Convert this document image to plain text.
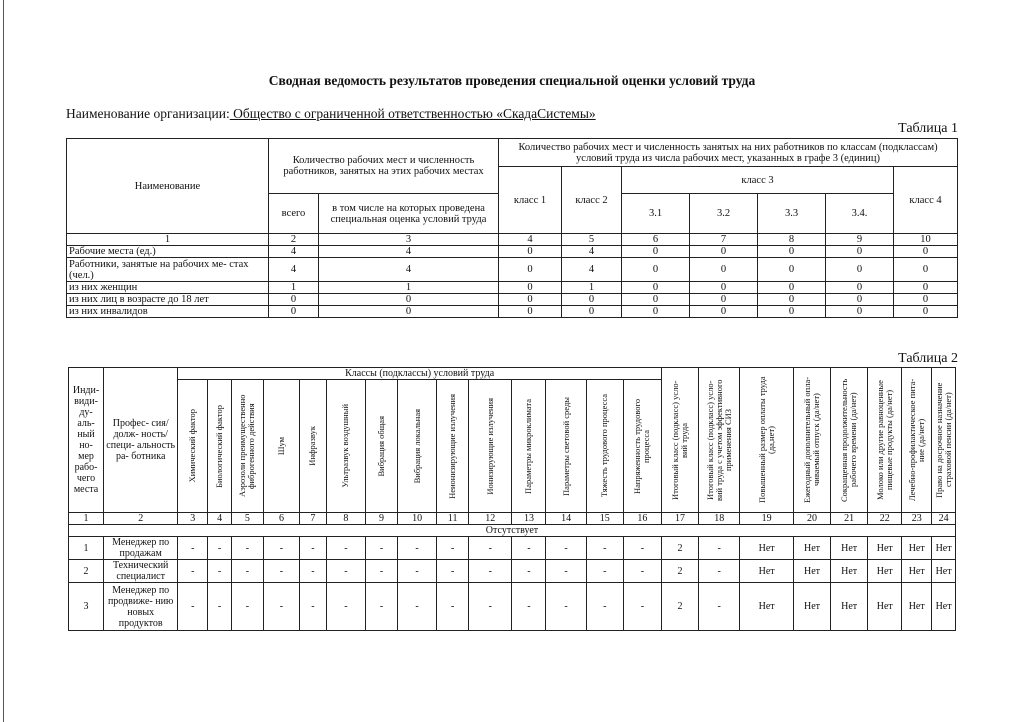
Сводная ведомость результатов проведения специальной оценки условий труда
Наименование организации: Общество с ограниченной ответственностью «СкадаСистемы»
Таблица 1
Наименование	Количество рабочих мест и численность работников, занятых на этих рабочих местах		Количество рабочих мест и численность занятых на них работников по классам (подклассам) условий труда из числа рабочих мест, указанных в графе 3 (единиц)						
			класс 1	класс 2	класс 3				класс 4
	всего	в том числе на которых проведена специальная оценка условий труда			3.1	3.2	3.3	3.4.	
1	2	3	4	5	6	7	8	9	10
Рабочие места (ед.)	4	4	0	4	0	0	0	0	0
Работники, занятые на рабочих ме- стах (чел.)	4	4	0	4	0	0	0	0	0
из них женщин	1	1	0	1	0	0	0	0	0
из них лиц в возрасте до 18 лет	0	0	0	0	0	0	0	0	0
из них инвалидов	0	0	0	0	0	0	0	0	0
Таблица 2
Инди- види- ду- аль- ный но- мер рабо- чего места	Профес- сия/долж- ность/специ- альность ра- ботника	Классы (подклассы) условий труда														Итоговый класс (подкласс) усло- вий труда	Итоговый класс (подкласс) усло- вий труда с учетом эффективного применения СИЗ	Повышенный размер оплаты труда (да,нет)	Ежегодный дополнительный опла- чиваемый отпуск (да/нет)	Сокращенная продолжительность рабочего времени (да/нет)	Молоко или другие равноценные пищевые продукты (да/нет)	Лечебно-профилактическое пита- ние (да/нет)	Право на досрочное назначение страховой пенсии (да/нет)

		Химический фактор	Биологический фактор	Аэрозоли преимущественно фиброгенного действия	Шум	Инфразвук	Ультразвук воздушный	Вибрация общая	Вибрация локальная	Неионизирующие излучения	Ионизирующие излучения	Параметры микроклимата	Параметры световой среды	Тяжесть трудового процесса	Напряженность трудового процесса								

1	2	3	4	5	6	7	8	9	10	11	12	13	14	15	16	17	18	19	20	21	22	23	24
Отсутствует																							
1	Менеджер по продажам	-	-	-	-	-	-	-	-	-	-	-	-	-	-	2	-	Нет	Нет	Нет	Нет	Нет	Нет
2	Технический специалист	-	-	-	-	-	-	-	-	-	-	-	-	-	-	2	-	Нет	Нет	Нет	Нет	Нет	Нет
3	Менеджер по продвиже- нию новых продуктов	-	-	-	-	-	-	-	-	-	-	-	-	-	-	2	-	Нет	Нет	Нет	Нет	Нет	Нет
